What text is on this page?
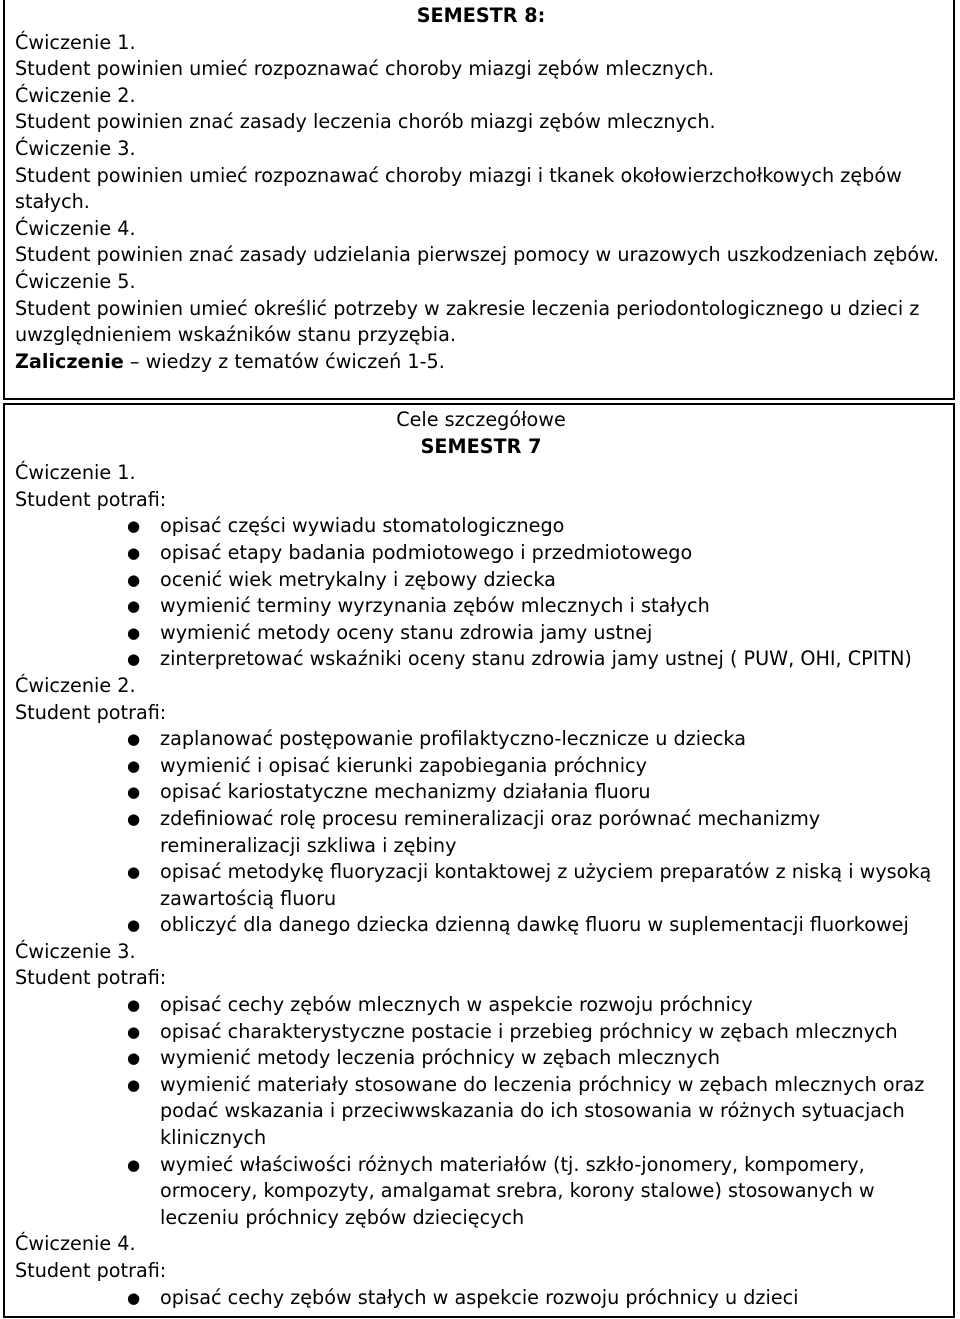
SEMESTR 8:
Ćwiczenie 1.
Student powinien umieć rozpoznawać choroby miazgi zębów mlecznych.
Ćwiczenie 2.
Student powinien znać zasady leczenia chorób miazgi zębów mlecznych.
Ćwiczenie 3.
Student powinien umieć rozpoznawać choroby miazgi i tkanek okołowierzchołkowych zębów
stałych.
Ćwiczenie 4.
Student powinien znać zasady udzielania pierwszej pomocy w urazowych uszkodzeniach zębów.
Ćwiczenie 5.
Student powinien umieć określić potrzeby w zakresie leczenia periodontologicznego u dzieci z
uwzględnieniem wskaźników stanu przyzębia.
Zaliczenie – wiedzy z tematów ćwiczeń 1-5.
Cele szczegółowe
SEMESTR 7
Ćwiczenie 1.
Student potrafi:
● opisać części wywiadu stomatologicznego
● opisać etapy badania podmiotowego i przedmiotowego
● ocenić wiek metrykalny i zębowy dziecka
● wymienić terminy wyrzynania zębów mlecznych i stałych
● wymienić metody oceny stanu zdrowia jamy ustnej
● zinterpretować wskaźniki oceny stanu zdrowia jamy ustnej ( PUW, OHI, CPITN)
Ćwiczenie 2.
Student potrafi:
● zaplanować postępowanie profilaktyczno-lecznicze u dziecka
● wymienić i opisać kierunki zapobiegania próchnicy
● opisać kariostatyczne mechanizmy działania fluoru
● zdefiniować rolę procesu remineralizacji oraz porównać mechanizmy
remineralizacji szkliwa i zębiny
● opisać metodykę fluoryzacji kontaktowej z użyciem preparatów z niską i wysoką
zawartością fluoru
● obliczyć dla danego dziecka dzienną dawkę fluoru w suplementacji fluorkowej
Ćwiczenie 3.
Student potrafi:
● opisać cechy zębów mlecznych w aspekcie rozwoju próchnicy
● opisać charakterystyczne postacie i przebieg próchnicy w zębach mlecznych
● wymienić metody leczenia próchnicy w zębach mlecznych
● wymienić materiały stosowane do leczenia próchnicy w zębach mlecznych oraz
podać wskazania i przeciwwskazania do ich stosowania w różnych sytuacjach
klinicznych
● wymieć właściwości różnych materiałów (tj. szkło-jonomery, kompomery,
ormocery, kompozyty, amalgamat srebra, korony stalowe) stosowanych w
leczeniu próchnicy zębów dziecięcych
Ćwiczenie 4.
Student potrafi:
● opisać cechy zębów stałych w aspekcie rozwoju próchnicy u dzieci
